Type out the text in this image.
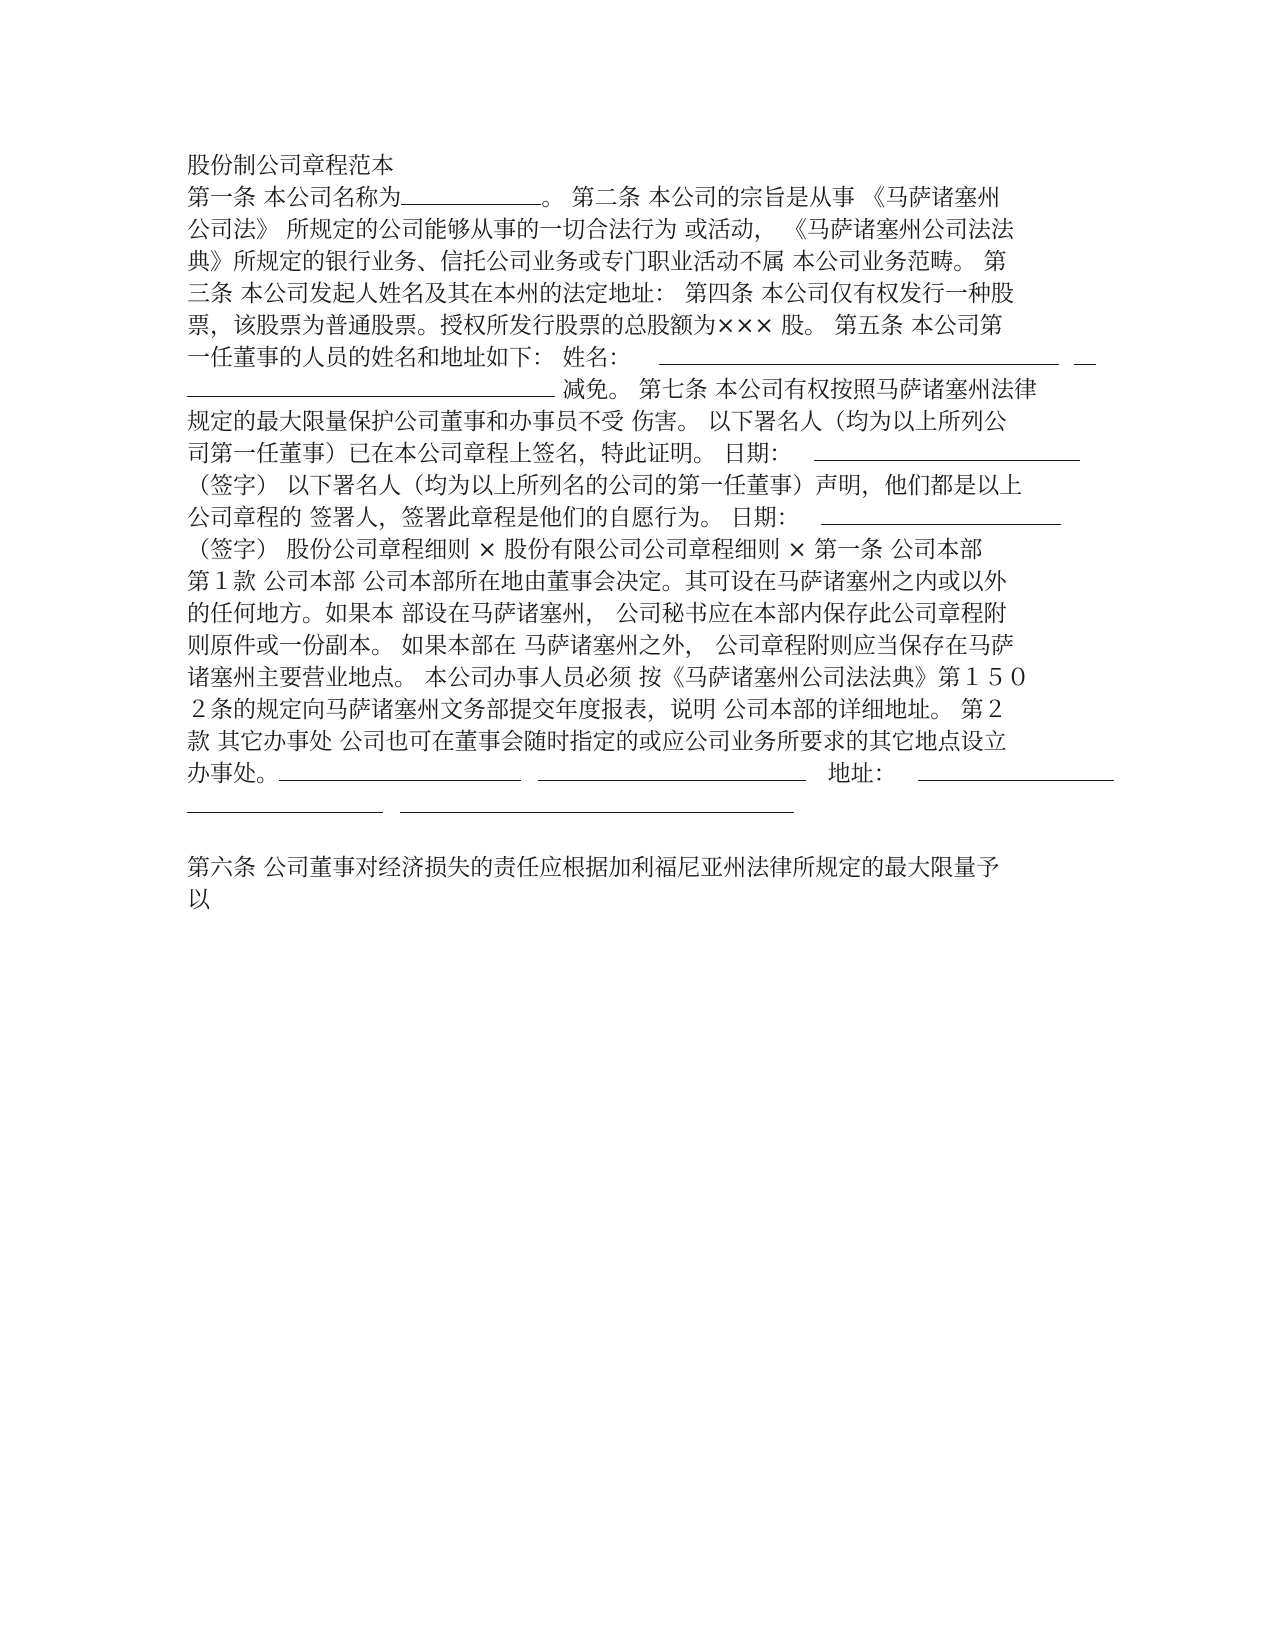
股份制公司章程范本
第一条 本公司名称为	。 第二条 本公司的宗旨是从事 《马萨诸塞州
公司法》 所规定的公司能够从事的一切合法行为 或活动， 《马萨诸塞州公司法法
典》所规定的银行业务、信托公司业务或专门职业活动不属 本公司业务范畴。 第
三条 本公司发起人姓名及其在本州的法定地址： 第四条 本公司仅有权发行一种股
票，该股票为普通股票。授权所发行股票的总股额为××× 股。 第五条 本公司第
一任董事的人员的姓名和地址如下： 姓名：
减免。 第七条 本公司有权按照马萨诸塞州法律
规定的最大限量保护公司董事和办事员不受 伤害。 以下署名人（均为以上所列公
司第一任董事）已在本公司章程上签名，特此证明。 日期：
（签字） 以下署名人（均为以上所列名的公司的第一任董事）声明，他们都是以上
公司章程的 签署人，签署此章程是他们的自愿行为。 日期：
（签字） 股份公司章程细则 × 股份有限公司公司章程细则 × 第一条 公司本部
第１款 公司本部 公司本部所在地由董事会决定。其可设在马萨诸塞州之内或以外
的任何地方。如果本 部设在马萨诸塞州， 公司秘书应在本部内保存此公司章程附
则原件或一份副本。 如果本部在 马萨诸塞州之外， 公司章程附则应当保存在马萨
诸塞州主要营业地点。 本公司办事人员必须 按《马萨诸塞州公司法法典》第１５０
２条的规定向马萨诸塞州文务部提交年度报表，说明 公司本部的详细地址。 第２
款 其它办事处 公司也可在董事会随时指定的或应公司业务所要求的其它地点设立
办事处。	地址：

第六条 公司董事对经济损失的责任应根据加利福尼亚州法律所规定的最大限量予
以
